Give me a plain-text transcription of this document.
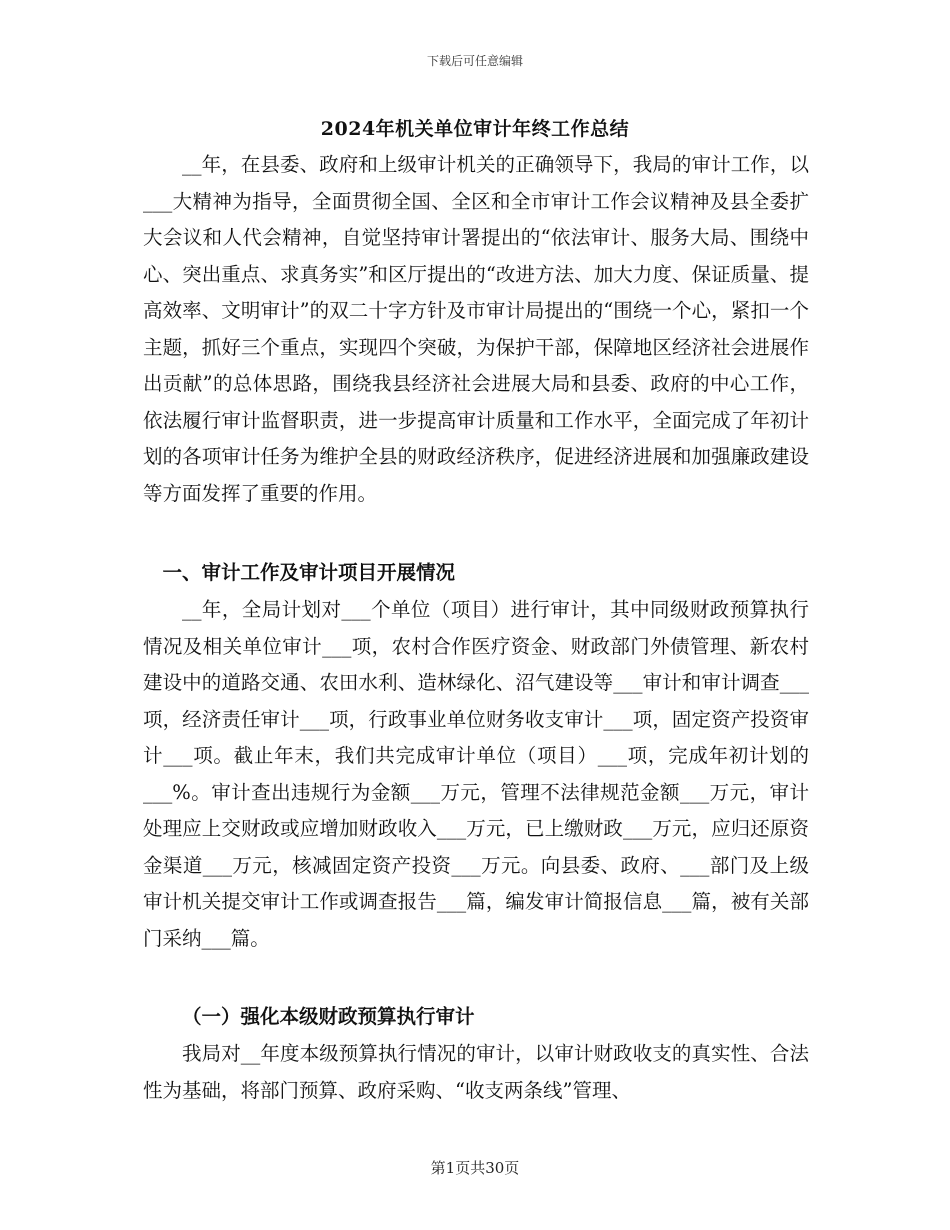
下载后可任意编辑
2024年机关单位审计年终工作总结

__年，在县委、政府和上级审计机关的正确领导下，我局的审计工作，以___大精神为指导，全面贯彻全国、全区和全市审计工作会议精神及县全委扩大会议和人代会精神，自觉坚持审计署提出的“依法审计、服务大局、围绕中心、突出重点、求真务实”和区厅提出的“改进方法、加大力度、保证质量、提高效率、文明审计”的双二十字方针及市审计局提出的“围绕一个心，紧扣一个主题，抓好三个重点，实现四个突破，为保护干部，保障地区经济社会进展作出贡献”的总体思路，围绕我县经济社会进展大局和县委、政府的中心工作，依法履行审计监督职责，进一步提高审计质量和工作水平，全面完成了年初计划的各项审计任务为维护全县的财政经济秩序，促进经济进展和加强廉政建设等方面发挥了重要的作用。

一、审计工作及审计项目开展情况

__年，全局计划对___个单位（项目）进行审计，其中同级财政预算执行情况及相关单位审计___项，农村合作医疗资金、财政部门外债管理、新农村建设中的道路交通、农田水利、造林绿化、沼气建设等___审计和审计调查___项，经济责任审计___项，行政事业单位财务收支审计___项，固定资产投资审计___项。截止年末，我们共完成审计单位（项目）___项，完成年初计划的___%。审计查出违规行为金额___万元，管理不法律规范金额___万元，审计处理应上交财政或应增加财政收入___万元，已上缴财政___万元，应归还原资金渠道___万元，核减固定资产投资___万元。向县委、政府、___部门及上级审计机关提交审计工作或调查报告___篇，编发审计简报信息___篇，被有关部门采纳___篇。

（一）强化本级财政预算执行审计

我局对__年度本级预算执行情况的审计，以审计财政收支的真实性、合法性为基础，将部门预算、政府采购、“收支两条线”管理、

第1页共30页
